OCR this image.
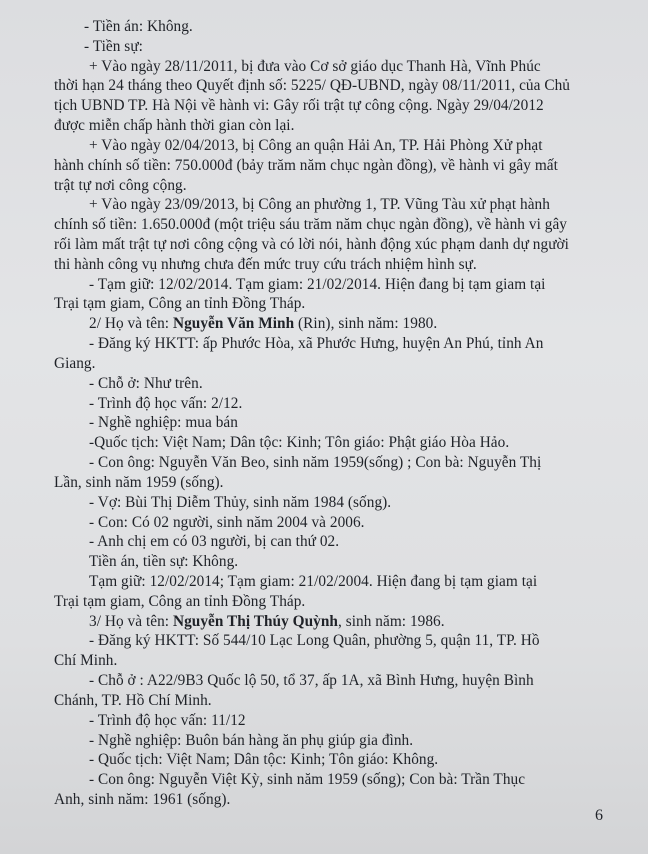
- Tiền án: Không.
- Tiền sự:
+ Vào ngày 28/11/2011, bị đưa vào Cơ sở giáo dục Thanh Hà, Vĩnh Phúc
thời hạn 24 tháng theo Quyết định số: 5225/ QĐ-UBND, ngày 08/11/2011, của Chủ
tịch UBND TP. Hà Nội về hành vi: Gây rối trật tự công cộng. Ngày 29/04/2012
được miễn chấp hành thời gian còn lại.
+ Vào ngày 02/04/2013, bị Công an quận Hải An, TP. Hải Phòng Xử phạt
hành chính số tiền: 750.000đ (bảy trăm năm chục ngàn đồng), về hành vi gây mất
trật tự nơi công cộng.
+ Vào ngày 23/09/2013, bị Công an phường 1, TP. Vũng Tàu xử phạt hành
chính số tiền: 1.650.000đ (một triệu sáu trăm năm chục ngàn đồng), về hành vi gây
rối làm mất trật tự nơi công cộng và có lời nói, hành động xúc phạm danh dự người
thi hành công vụ nhưng chưa đến mức truy cứu trách nhiệm hình sự.
- Tạm giữ: 12/02/2014. Tạm giam: 21/02/2014. Hiện đang bị tạm giam tại
Trại tạm giam, Công an tỉnh Đồng Tháp.
2/ Họ và tên: Nguyễn Văn Minh (Rin), sinh năm: 1980.
- Đăng ký HKTT: ấp Phước Hòa, xã Phước Hưng, huyện An Phú, tỉnh An
Giang.
- Chỗ ở: Như trên.
- Trình độ học vấn: 2/12.
- Nghề nghiệp: mua bán
-Quốc tịch: Việt Nam; Dân tộc: Kinh; Tôn giáo: Phật giáo Hòa Hảo.
- Con ông: Nguyễn Văn Beo, sinh năm 1959(sống) ; Con bà: Nguyễn Thị
Lần, sinh năm 1959 (sống).
- Vợ: Bùi Thị Diễm Thủy, sinh năm 1984 (sống).
- Con: Có 02 người, sinh năm 2004 và 2006.
- Anh chị em có 03 người, bị can thứ 02.
Tiền án, tiền sự: Không.
Tạm giữ: 12/02/2014; Tạm giam: 21/02/2004. Hiện đang bị tạm giam tại
Trại tạm giam, Công an tỉnh Đồng Tháp.
3/ Họ và tên: Nguyễn Thị Thúy Quỳnh, sinh năm: 1986.
- Đăng ký HKTT: Số 544/10 Lạc Long Quân, phường 5, quận 11, TP. Hồ
Chí Minh.
- Chỗ ở : A22/9B3 Quốc lộ 50, tổ 37, ấp 1A, xã Bình Hưng, huyện Bình
Chánh, TP. Hồ Chí Minh.
- Trình độ học vấn: 11/12
- Nghề nghiệp: Buôn bán hàng ăn phụ giúp gia đình.
- Quốc tịch: Việt Nam; Dân tộc: Kinh; Tôn giáo: Không.
- Con ông: Nguyễn Việt Kỳ, sinh năm 1959 (sống); Con bà: Trần Thục
Anh, sinh năm: 1961 (sống).
6
